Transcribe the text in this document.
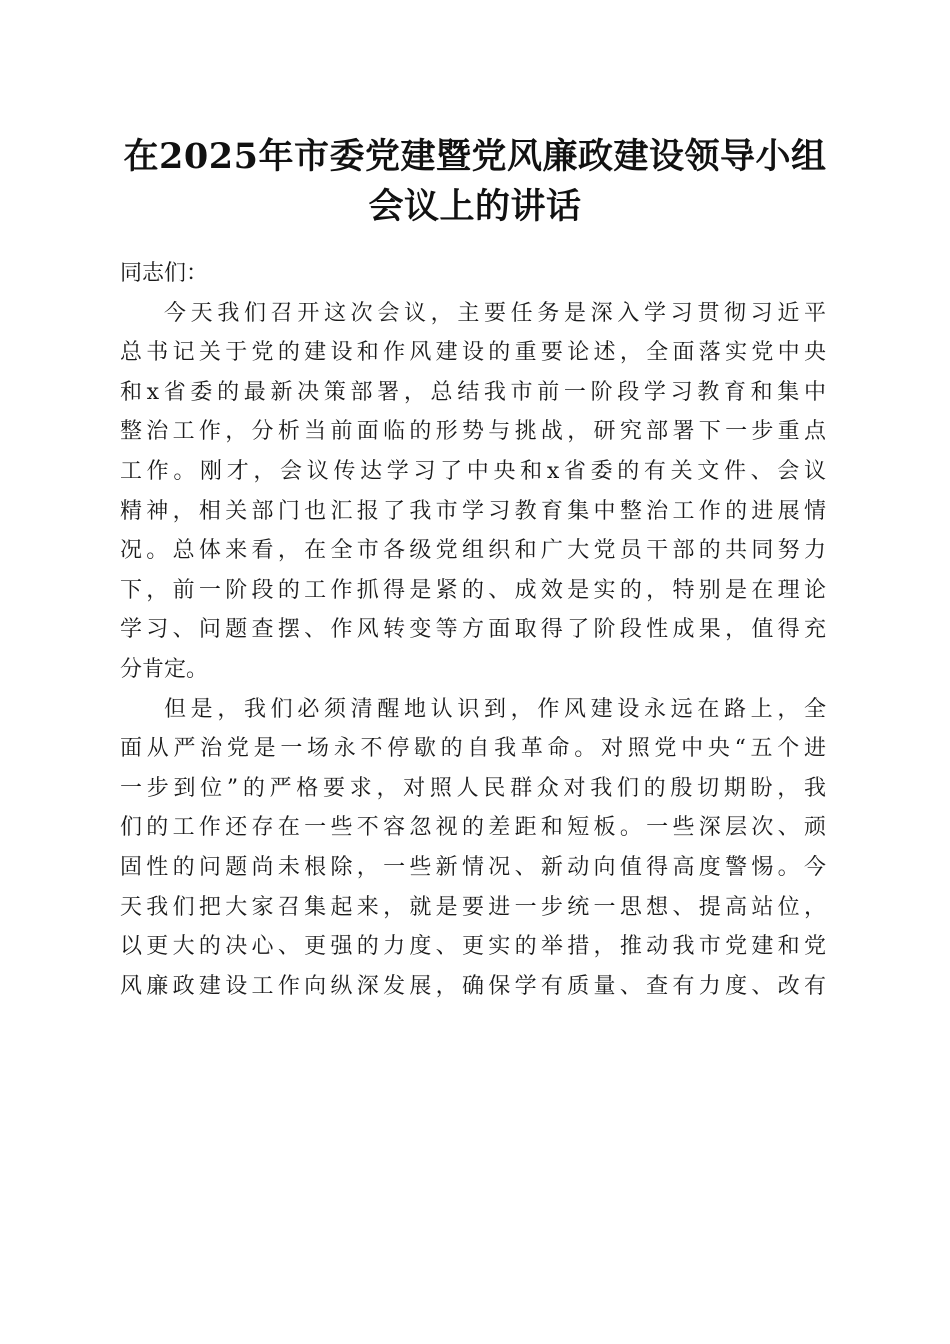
在2025年市委党建暨党风廉政建设领导小组
会议上的讲话

同志们：

今天我们召开这次会议，主要任务是深入学习贯彻习近平
总书记关于党的建设和作风建设的重要论述，全面落实党中央
和x省委的最新决策部署，总结我市前一阶段学习教育和集中
整治工作，分析当前面临的形势与挑战，研究部署下一步重点
工作。刚才，会议传达学习了中央和x省委的有关文件、会议
精神，相关部门也汇报了我市学习教育集中整治工作的进展情
况。总体来看，在全市各级党组织和广大党员干部的共同努力
下，前一阶段的工作抓得是紧的、成效是实的，特别是在理论
学习、问题查摆、作风转变等方面取得了阶段性成果，值得充
分肯定。

但是，我们必须清醒地认识到，作风建设永远在路上，全
面从严治党是一场永不停歇的自我革命。对照党中央“五个进
一步到位”的严格要求，对照人民群众对我们的殷切期盼，我
们的工作还存在一些不容忽视的差距和短板。一些深层次、顽
固性的问题尚未根除，一些新情况、新动向值得高度警惕。今
天我们把大家召集起来，就是要进一步统一思想、提高站位，
以更大的决心、更强的力度、更实的举措，推动我市党建和党
风廉政建设工作向纵深发展，确保学有质量、查有力度、改有
